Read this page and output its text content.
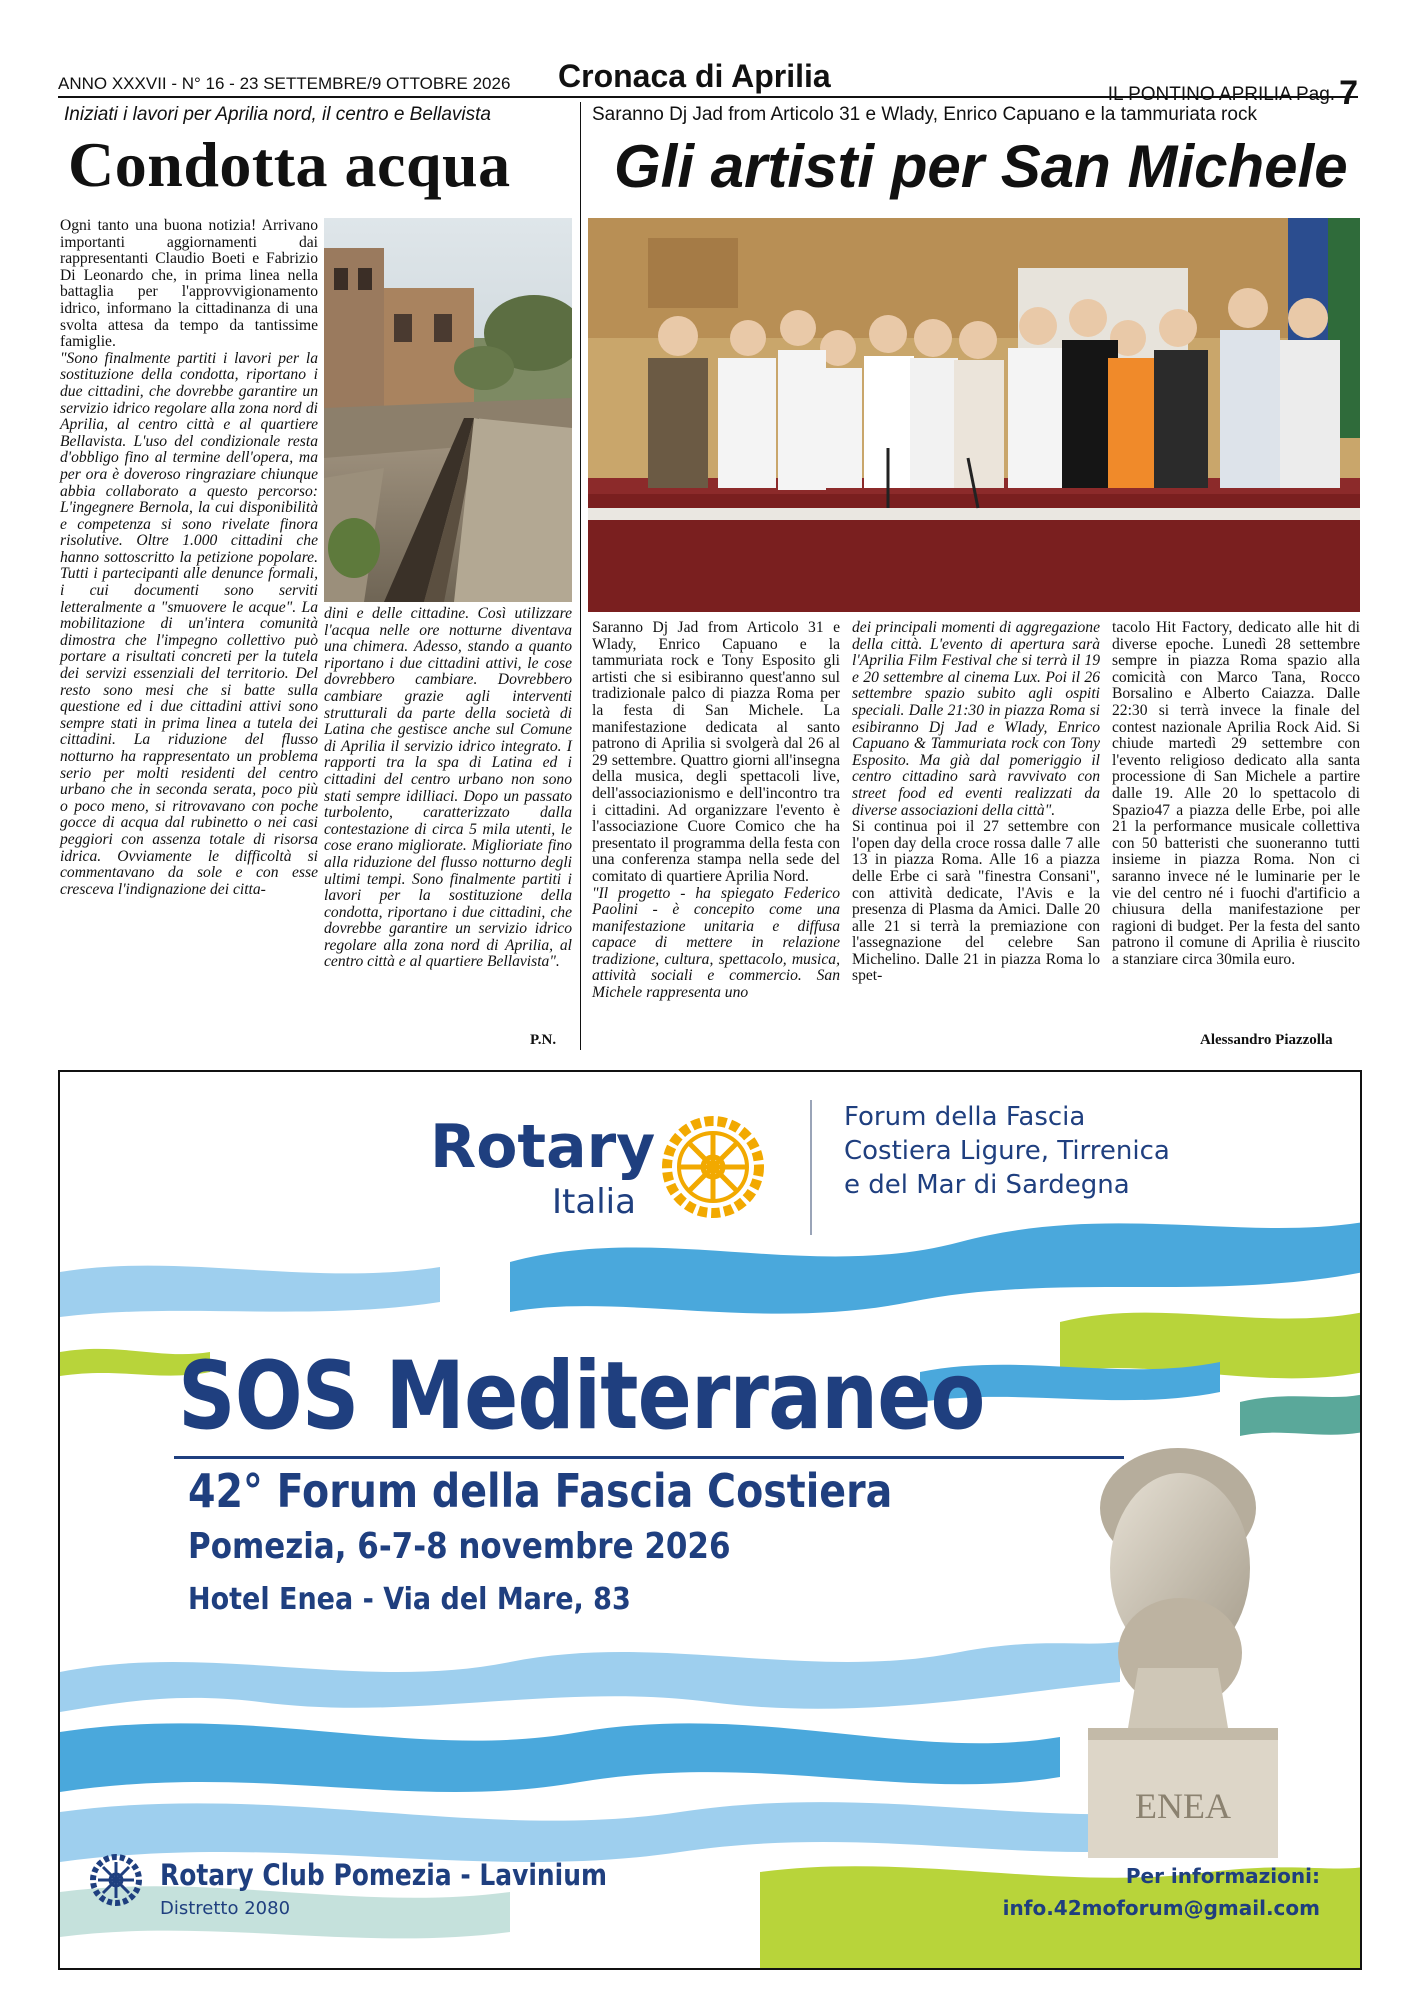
ANNO XXXVII - N° 16 - 23 SETTEMBRE/9 OTTOBRE 2026 Cronaca di Aprilia
IL PONTINO APRILIA Pag. 7
Iniziati i lavori per Aprilia nord, il centro e Bellavista
Condotta acqua

Ogni tanto una buona notizia! Arrivano importanti aggiornamenti dai rappresentanti Claudio Boeti e Fabrizio Di Leonardo che, in prima linea nella battaglia per l'approvvigionamento idrico, informano la cittadinanza di una svolta attesa da tempo da tantissime famiglie.

"Sono finalmente partiti i lavori per la sostituzione della condotta, riportano i due cittadini, che dovrebbe garantire un servizio idrico regolare alla zona nord di Aprilia, al centro città e al quartiere Bellavista. L'uso del condizionale resta d'obbligo fino al termine dell'opera, ma per ora è doveroso ringraziare chiunque abbia collaborato a questo percorso: L'ingegnere Bernola, la cui disponibilità e competenza si sono rivelate finora risolutive. Oltre 1.000 cittadini che hanno sottoscritto la petizione popolare. Tutti i partecipanti alle denunce formali, i cui documenti sono serviti letteralmente a "smuovere le acque". La mobilitazione di un'intera comunità dimostra che l'impegno collettivo può portare a risultati concreti per la tutela dei servizi essenziali del territorio. Del resto sono mesi che si batte sulla questione ed i due cittadini attivi sono sempre stati in prima linea a tutela dei cittadini. La riduzione del flusso notturno ha rappresentato un problema serio per molti residenti del centro urbano che in seconda serata, poco più o poco meno, si ritrovavano con poche gocce di acqua dal rubinetto o nei casi peggiori con assenza totale di risorsa idrica. Ovviamente le difficoltà si commentavano da sole e con esse cresceva l'indignazione dei citta-

dini e delle cittadine. Così utilizzare l'acqua nelle ore notturne diventava una chimera. Adesso, stando a quanto riportano i due cittadini attivi, le cose dovrebbero cambiare. Dovrebbero cambiare grazie agli interventi strutturali da parte della società di Latina che gestisce anche sul Comune di Aprilia il servizio idrico integrato. I rapporti tra la spa di Latina ed i cittadini del centro urbano non sono stati sempre idilliaci. Dopo un passato turbolento, caratterizzato dalla contestazione di circa 5 mila utenti, le cose erano migliorate. Miglioriate fino alla riduzione del flusso notturno degli ultimi tempi. Sono finalmente partiti i lavori per la sostituzione della condotta, riportano i due cittadini, che dovrebbe garantire un servizio idrico regolare alla zona nord di Aprilia, al centro città e al quartiere Bellavista".

P.N.
Saranno Dj Jad from Articolo 31 e Wlady, Enrico Capuano e la tammuriata rock
Gli artisti per San Michele

Saranno Dj Jad from Articolo 31 e Wlady, Enrico Capuano e la tammuriata rock e Tony Esposito gli artisti che si esibiranno quest'anno sul tradizionale palco di piazza Roma per la festa di San Michele. La manifestazione dedicata al santo patrono di Aprilia si svolgerà dal 26 al 29 settembre. Quattro giorni all'insegna della musica, degli spettacoli live, dell'associazionismo e dell'incontro tra i cittadini. Ad organizzare l'evento è l'associazione Cuore Comico che ha presentato il programma della festa con una conferenza stampa nella sede del comitato di quartiere Aprilia Nord.

"Il progetto - ha spiegato Federico Paolini - è concepito come una manifestazione unitaria e diffusa capace di mettere in relazione tradizione, cultura, spettacolo, musica, attività sociali e commercio. San Michele rappresenta uno

dei principali momenti di aggregazione della città. L'evento di apertura sarà l'Aprilia Film Festival che si terrà il 19 e 20 settembre al cinema Lux. Poi il 26 settembre spazio subito agli ospiti speciali. Dalle 21:30 in piazza Roma si esibiranno Dj Jad e Wlady, Enrico Capuano & Tammuriata rock con Tony Esposito. Ma già dal pomeriggio il centro cittadino sarà ravvivato con street food ed eventi realizzati da diverse associazioni della città".

Si continua poi il 27 settembre con l'open day della croce rossa dalle 7 alle 13 in piazza Roma. Alle 16 a piazza delle Erbe ci sarà "finestra Consani", con attività dedicate, l'Avis e la presenza di Plasma da Amici. Dalle 20 alle 21 si terrà la premiazione con l'assegnazione del celebre San Michelino. Dalle 21 in piazza Roma lo spet-

tacolo Hit Factory, dedicato alle hit di diverse epoche. Lunedì 28 settembre sempre in piazza Roma spazio alla comicità con Marco Tana, Rocco Borsalino e Alberto Caiazza. Dalle 22:30 si terrà invece la finale del contest nazionale Aprilia Rock Aid. Si chiude martedì 29 settembre con l'evento religioso dedicato alla santa processione di San Michele a partire dalle 19. Alle 20 lo spettacolo di Spazio47 a piazza delle Erbe, poi alle 21 la performance musicale collettiva con 50 batteristi che suoneranno tutti insieme in piazza Roma. Non ci saranno invece né le luminarie per le vie del centro né i fuochi d'artificio a chiusura della manifestazione per ragioni di budget. Per la festa del santo patrono il comune di Aprilia è riuscito a stanziare circa 30mila euro.

Alessandro Piazzolla
Rotary
Italia
Forum della Fascia
Costiera Ligure, Tirrenica
e del Mar di Sardegna
SOS Mediterraneo
42° Forum della Fascia Costiera
Pomezia, 6-7-8 novembre 2026
Hotel Enea - Via del Mare, 83
ENEA
Rotary Club Pomezia - Lavinium
Distretto 2080
Per informazioni:
info.42moforum@gmail.com
